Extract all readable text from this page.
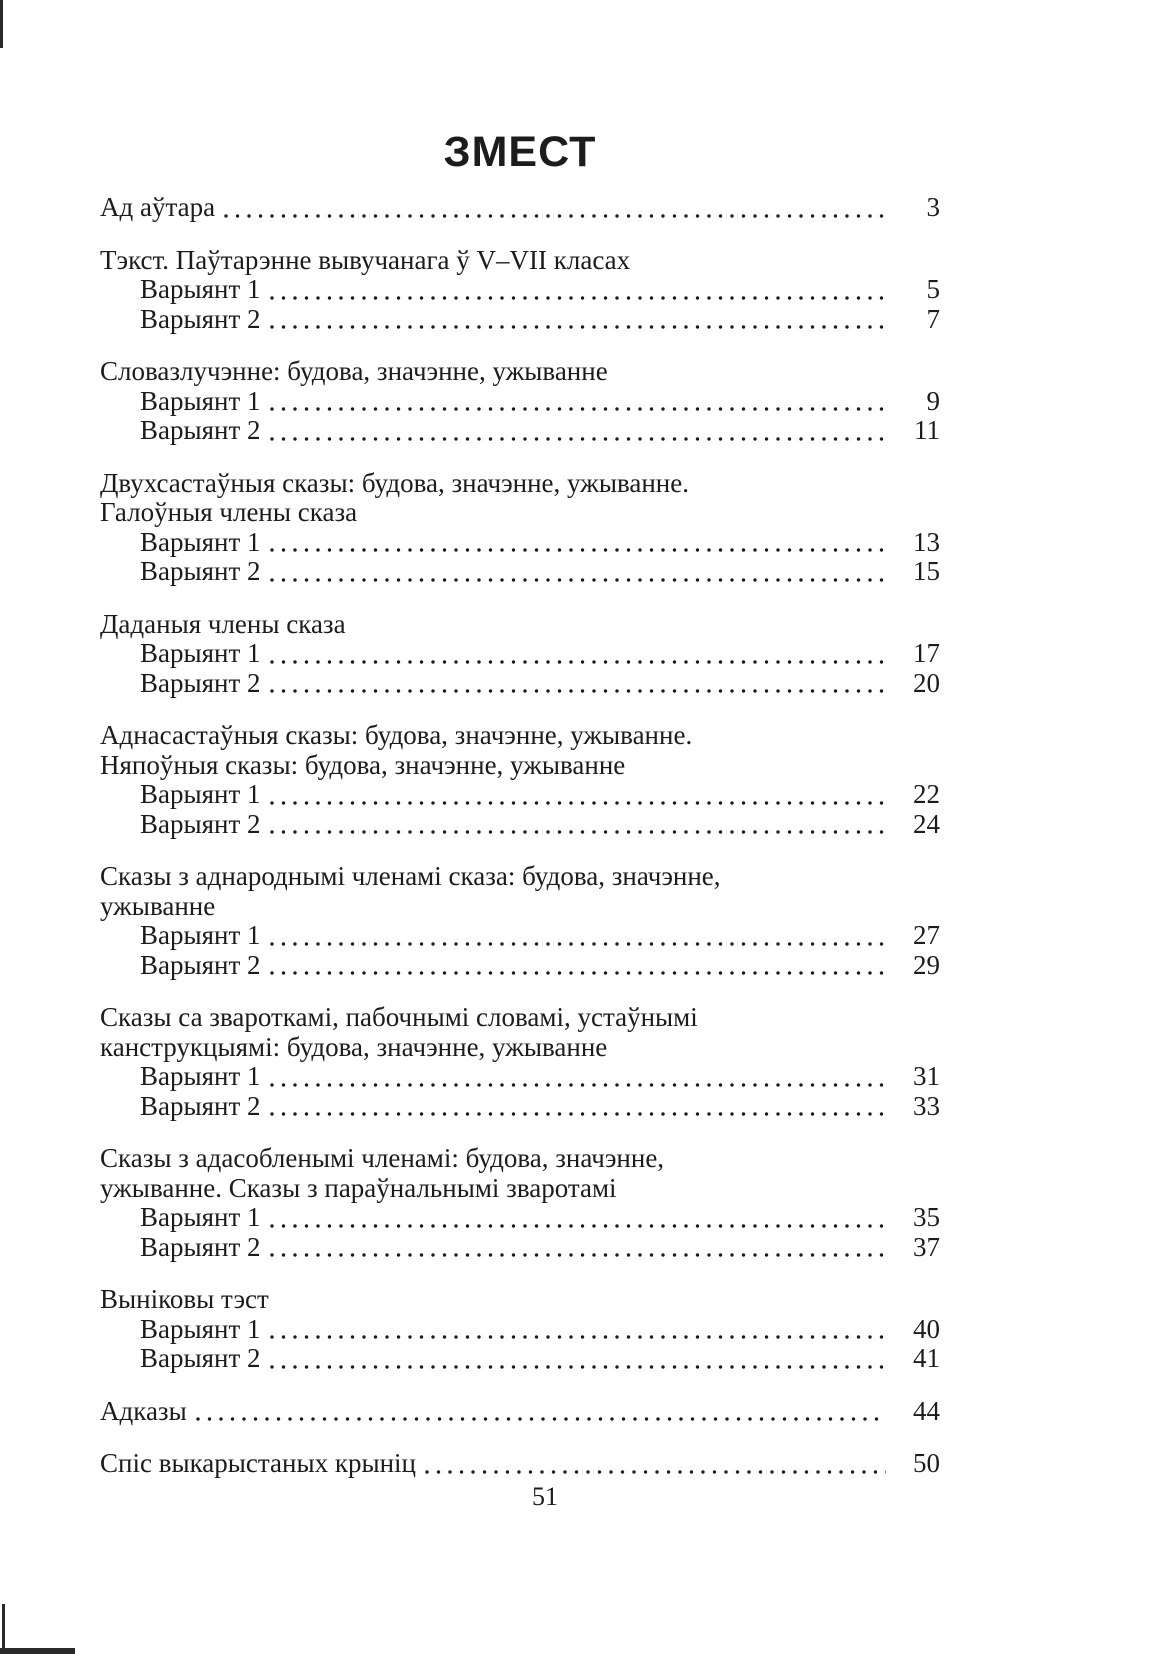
ЗМЕСТ
Ад аўтара	3
Тэкст. Паўтарэнне вывучанага ў V–VII класах
Варыянт 1	5
Варыянт 2	7
Словазлучэнне: будова, значэнне, ужыванне
Варыянт 1	9
Варыянт 2	11
Двухсастаўныя сказы: будова, значэнне, ужыванне.
Галоўныя члены сказа
Варыянт 1	13
Варыянт 2	15
Даданыя члены сказа
Варыянт 1	17
Варыянт 2	20
Аднасастаўныя сказы: будова, значэнне, ужыванне.
Няпоўныя сказы: будова, значэнне, ужыванне
Варыянт 1	22
Варыянт 2	24
Сказы з аднароднымі членамі сказа: будова, значэнне,
ужыванне
Варыянт 1	27
Варыянт 2	29
Сказы са звароткамі, пабочнымі словамі, устаўнымі
канструкцыямі: будова, значэнне, ужыванне
Варыянт 1	31
Варыянт 2	33
Сказы з адасобленымі членамі: будова, значэнне,
ужыванне. Сказы з параўнальнымі зваротамі
Варыянт 1	35
Варыянт 2	37
Выніковы тэст
Варыянт 1	40
Варыянт 2	41
Адказы	44
Спіс выкарыстаных крыніц	50
51
